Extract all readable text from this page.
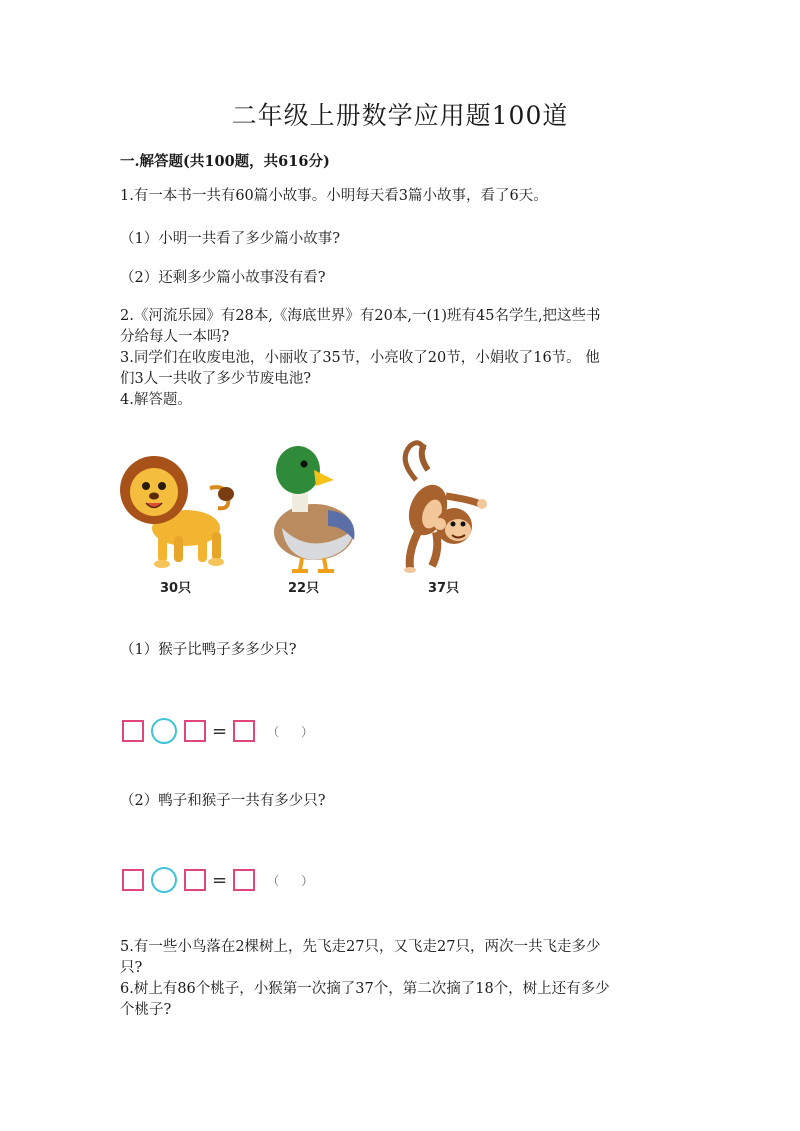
二年级上册数学应用题100道
一.解答题(共100题，共616分)
1.有一本书一共有60篇小故事。小明每天看3篇小故事，看了6天。
（1）小明一共看了多少篇小故事?
（2）还剩多少篇小故事没有看?
2.《河流乐园》有28本,《海底世界》有20本,一(1)班有45名学生,把这些书
分给每人一本吗?
3.同学们在收废电池，小丽收了35节，小亮收了20节，小娟收了16节。 他
们3人一共收了多少节废电池?
4.解答题。
30只	22只	37只
（1）猴子比鸭子多多少只?
=	（ ）
（2）鸭子和猴子一共有多少只?
=	（ ）
5.有一些小鸟落在2棵树上，先飞走27只，又飞走27只，两次一共飞走多少
只?
6.树上有86个桃子，小猴第一次摘了37个，第二次摘了18个，树上还有多少
个桃子?
